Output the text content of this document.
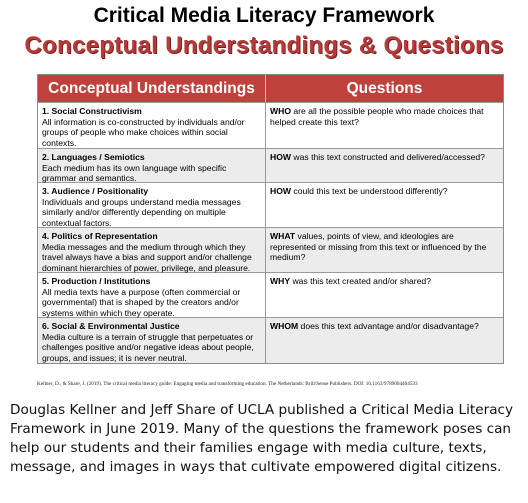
Critical Media Literacy Framework
Conceptual Understandings & Questions
Conceptual Understandings	Questions
1. Social Constructivism
All information is co-constructed by individuals and/or groups of people who make choices within social contexts.
WHO are all the possible people who made choices that helped create this text?
2. Languages / Semiotics
Each medium has its own language with specific grammar and semantics.
HOW was this text constructed and delivered/accessed?
3. Audience / Positionality
Individuals and groups understand media messages similarly and/or differently depending on multiple contextual factors.
HOW could this text be understood differently?
4. Politics of Representation
Media messages and the medium through which they travel always have a bias and support and/or challenge dominant hierarchies of power, privilege, and pleasure.
WHAT values, points of view, and ideologies are represented or missing from this text or influenced by the medium?
5. Production / Institutions
All media texts have a purpose (often commercial or governmental) that is shaped by the creators and/or systems within which they operate.
WHY was this text created and/or shared?
6. Social & Environmental Justice
Media culture is a terrain of struggle that perpetuates or challenges positive and/or negative ideas about people, groups, and issues; it is never neutral.
WHOM does this text advantage and/or disadvantage?
Kellner, D., & Share, J. (2019). The critical media literacy guide: Engaging media and transforming education. The Netherlands: Brill/Sense Publishers. DOI: 10.1163/9789004404533
Douglas Kellner and Jeff Share of UCLA published a Critical Media Literacy Framework in June 2019. Many of the questions the framework poses can help our students and their families engage with media culture, texts, message, and images in ways that cultivate empowered digital citizens.
